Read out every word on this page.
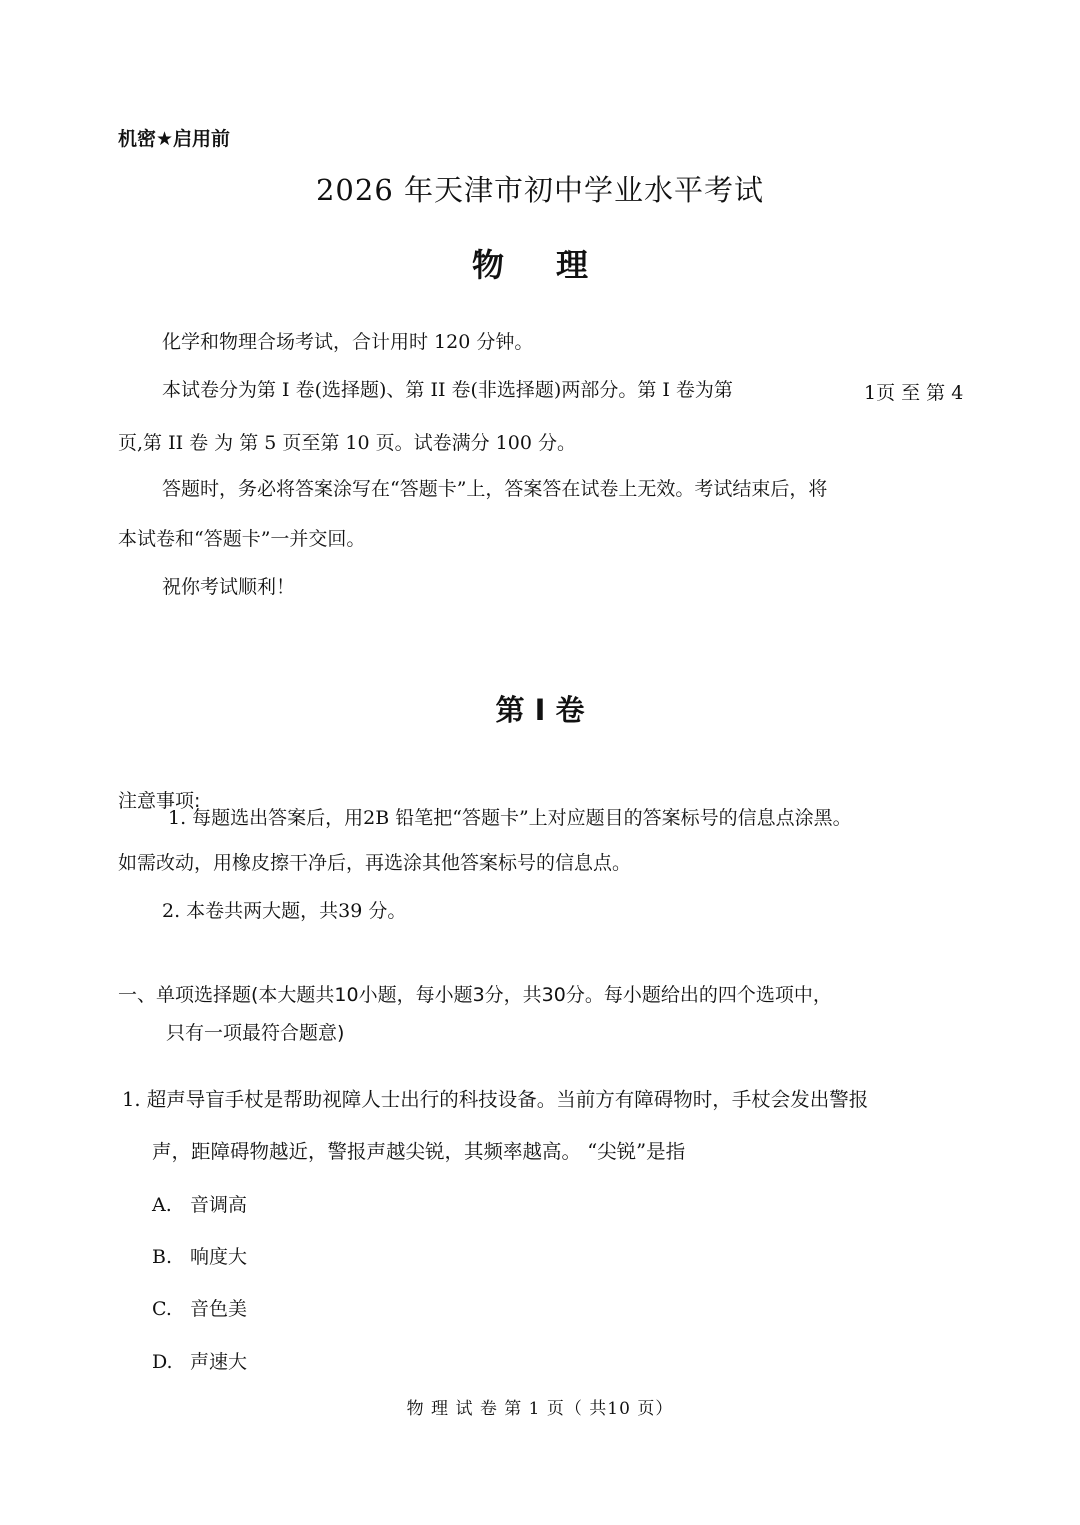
机密★启用前
2026 年天津市初中学业水平考试
物 理
化学和物理合场考试，合计用时 120 分钟。
本试卷分为第 I 卷(选择题)、第 II 卷(非选择题)两部分。第 I 卷为第	1页 至 第 4
页,第 II 卷 为 第 5 页至第 10 页。试卷满分 100 分。
答题时，务必将答案涂写在“答题卡”上，答案答在试卷上无效。考试结束后，将
本试卷和“答题卡”一并交回。
祝你考试顺利！
第 I 卷
注意事项:
1. 每题选出答案后，用2B 铅笔把“答题卡”上对应题目的答案标号的信息点涂黑。
如需改动，用橡皮擦干净后，再选涂其他答案标号的信息点。
2. 本卷共两大题，共39 分。
一、单项选择题(本大题共10小题，每小题3分，共30分。每小题给出的四个选项中，
只有一项最符合题意)
1. 超声导盲手杖是帮助视障人士出行的科技设备。当前方有障碍物时，手杖会发出警报
声，距障碍物越近，警报声越尖锐，其频率越高。 “尖锐”是指
A. 音调高
B. 响度大
C. 音色美
D. 声速大
物 理 试 卷 第 1 页（ 共10 页）
